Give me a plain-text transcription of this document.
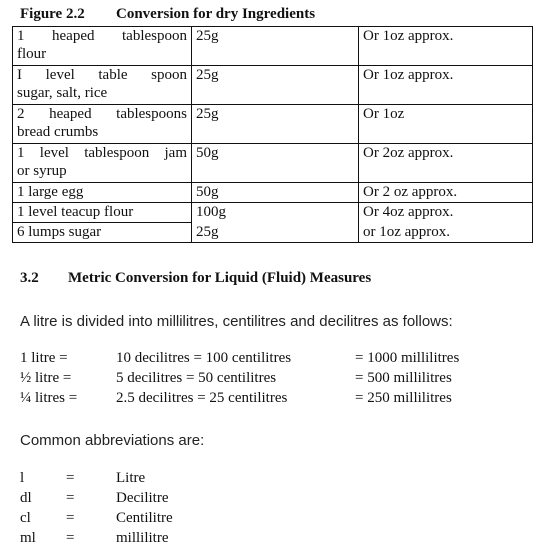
Figure 2.2 Conversion for dry Ingredients
1 heaped tablespoon
flour	25g	Or 1oz approx.

I level table spoon
sugar, salt, rice	25g	Or 1oz approx.

2 heaped tablespoons
bread crumbs	25g	Or 1oz

1 level tablespoon jam
or syrup	50g	Or 2oz approx.
1 large egg	50g	Or 2 oz approx.
1 level teacup flour	100g	Or 4oz approx.
6 lumps sugar	25g	or 1oz approx.
3.2 Metric Conversion for Liquid (Fluid) Measures
A litre is divided into millilitres, centilitres and decilitres as follows:
1 litre =	10 decilitres = 100 centilitres	= 1000 millilitres
½ litre =	5 decilitres = 50 centilitres	= 500 millilitres
¼ litres =	2.5 decilitres = 25 centilitres	= 250 millilitres
Common abbreviations are:
l	=	Litre
dl =	Decilitre
cl =	Centilitre
ml =	millilitre
